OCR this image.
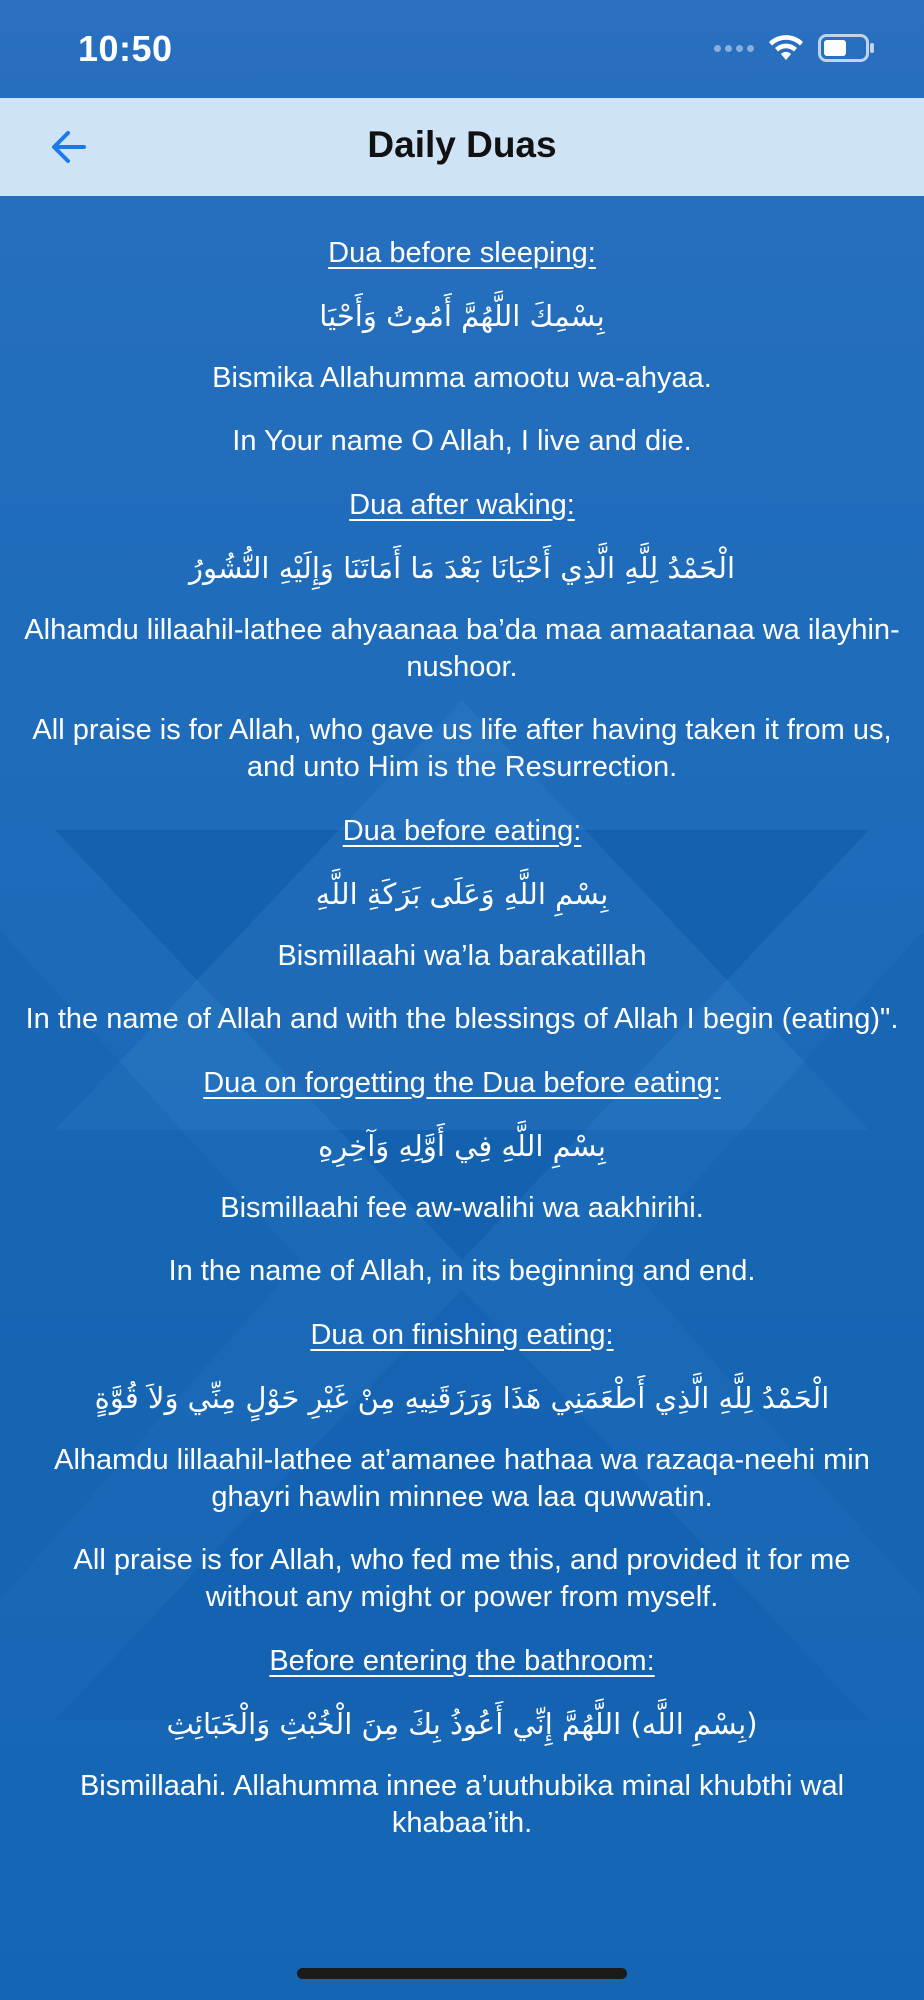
10:50
Daily Duas
Dua before sleeping:
بِسْمِكَ اللَّهُمَّ أَمُوتُ وَأَحْيَا
Bismika Allahumma amootu wa-ahyaa.
In Your name O Allah, I live and die.
Dua after waking:
الْحَمْدُ لِلَّهِ الَّذِي أَحْيَانَا بَعْدَ مَا أَمَاتَنَا وَإِلَيْهِ النُّشُورُ
Alhamdu lillaahil-lathee ahyaanaa ba’da maa amaatanaa wa ilayhin-nushoor.
All praise is for Allah, who gave us life after having taken it from us, and unto Him is the Resurrection.
Dua before eating:
بِسْمِ اللَّهِ وَعَلَى بَرَكَةِ اللَّهِ
Bismillaahi wa’la barakatillah
In the name of Allah and with the blessings of Allah I begin (eating)".
Dua on forgetting the Dua before eating:
بِسْمِ اللَّهِ فِي أَوَّلِهِ وَآخِرِهِ
Bismillaahi fee aw-walihi wa aakhirihi.
In the name of Allah, in its beginning and end.
Dua on finishing eating:
الْحَمْدُ لِلَّهِ الَّذِي أَطْعَمَنِي هَذَا وَرَزَقَنِيهِ مِنْ غَيْرِ حَوْلٍ مِنِّي وَلاَ قُوَّةٍ
Alhamdu lillaahil-lathee at’amanee hathaa wa razaqa-neehi min ghayri hawlin minnee wa laa quwwatin.
All praise is for Allah, who fed me this, and provided it for me without any might or power from myself.
Before entering the bathroom:
(بِسْمِ اللَّه) اللَّهُمَّ إِنِّي أَعُوذُ بِكَ مِنَ الْخُبْثِ وَالْخَبَائِثِ
Bismillaahi. Allahumma innee a’uuthubika minal khubthi wal khabaa’ith.
